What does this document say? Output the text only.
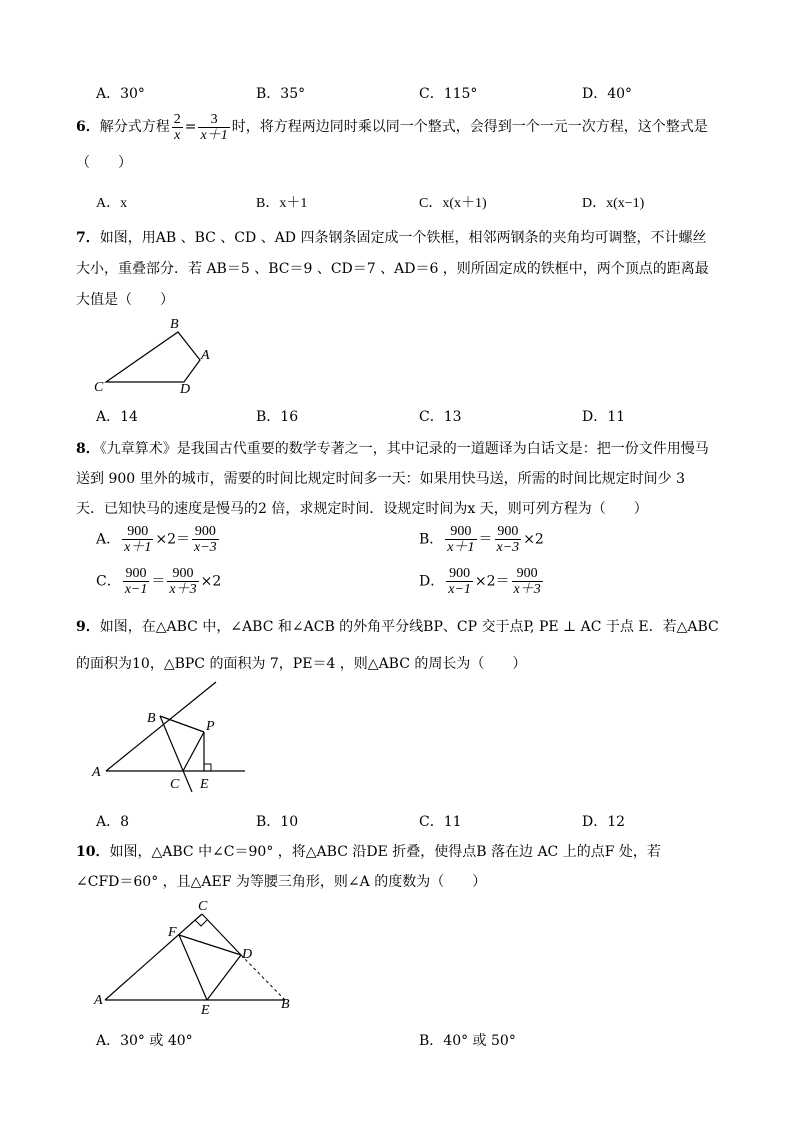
A．30°	B．35°	C．115°	D．40°
6．解分式方程 $\frac{2}{x} = \frac{3}{x+1}$ 时，将方程两边同时乘以同一个整式，会得到一个一元一次方程，这个整式是
（　　）
A．x	B．x＋1	C．x(x＋1)	D．x(x−1)
7．如图，用AB 、BC 、CD 、AD 四条钢条固定成一个铁框，相邻两钢条的夹角均可调整，不计螺丝
大小，重叠部分．若 AB＝5 、BC＝9 、CD＝7 、AD＝6 ，则所固定成的铁框中，两个顶点的距离最
大值是（　　）
B
A
C	D
A．14	B．16	C．13	D．11
8．《九章算术》是我国古代重要的数学专著之一，其中记录的一道题译为白话文是：把一份文件用慢马
送到 900 里外的城市，需要的时间比规定时间多一天：如果用快马送，所需的时间比规定时间少 3
天．已知快马的速度是慢马的2 倍，求规定时间．设规定时间为x 天，则可列方程为（　　）
A． $\frac{900}{x+1} \times 2= \frac{900}{x-3}$	B． $\frac{900}{x+1} = \frac{900}{x-3} \times 2$
C． $\frac{900}{x-1} = \frac{900}{x+3} \times 2$	D． $\frac{900}{x-1} \times 2= \frac{900}{x+3}$
9．如图，在△ABC 中，∠ABC 和∠ACB 的外角平分线BP、CP 交于点P, PE ⊥ AC 于点 E．若△ABC
的面积为10，△BPC 的面积为 7，PE＝4 ，则△ABC 的周长为（　　）
B
P
A
C E
A．8	B．10	C．11	D．12
10．如图，△ABC 中∠C＝90° ，将△ABC 沿DE 折叠，使得点B 落在边 AC 上的点F 处，若
∠CFD＝60° ，且△AEF 为等腰三角形，则∠A 的度数为（　　）
C
F
D
A
E	B
A．30° 或 40°	B．40° 或 50°
